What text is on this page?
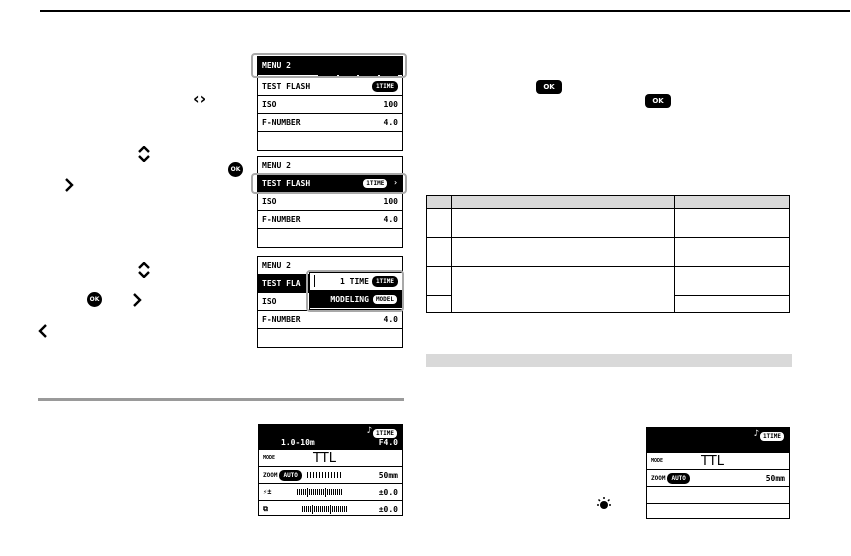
‹›
OK
OK
OK
OK
MENU 2
TEST FLASH	1TIME
ISO	100
F-NUMBER	4.0
MENU 2
TEST FLASH	1TIME ›
ISO	100
F-NUMBER	4.0
MENU 2
TEST FLA
ISO
F-NUMBER	4.0
1 TIME	1TIME
MODELING	MODEL

1.0-10m
♪ 1TIME
F4.0
MODE	TTL
ZOOM	AUTO	50mm
⚡±	±0.0
⧉	±0.0
♪ 1TIME
MODE	TTL
ZOOM	AUTO	50mm
